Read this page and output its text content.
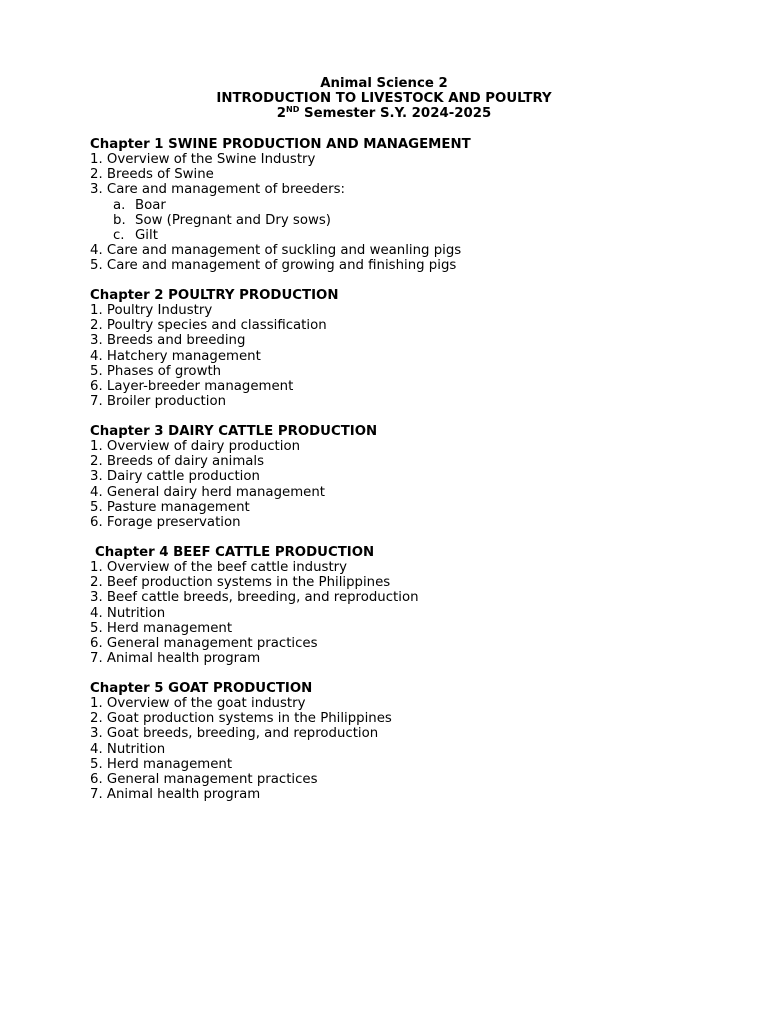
Animal Science 2
INTRODUCTION TO LIVESTOCK AND POULTRY
2ND Semester S.Y. 2024-2025
Chapter 1 SWINE PRODUCTION AND MANAGEMENT
1. Overview of the Swine Industry
2. Breeds of Swine
3. Care and management of breeders:
a. Boar
b. Sow (Pregnant and Dry sows)
c. Gilt
4. Care and management of suckling and weanling pigs
5. Care and management of growing and finishing pigs
Chapter 2 POULTRY PRODUCTION
1. Poultry Industry
2. Poultry species and classification
3. Breeds and breeding
4. Hatchery management
5. Phases of growth
6. Layer-breeder management
7. Broiler production
Chapter 3 DAIRY CATTLE PRODUCTION
1. Overview of dairy production
2. Breeds of dairy animals
3. Dairy cattle production
4. General dairy herd management
5. Pasture management
6. Forage preservation
Chapter 4 BEEF CATTLE PRODUCTION
1. Overview of the beef cattle industry
2. Beef production systems in the Philippines
3. Beef cattle breeds, breeding, and reproduction
4. Nutrition
5. Herd management
6. General management practices
7. Animal health program
Chapter 5 GOAT PRODUCTION
1. Overview of the goat industry
2. Goat production systems in the Philippines
3. Goat breeds, breeding, and reproduction
4. Nutrition
5. Herd management
6. General management practices
7. Animal health program
